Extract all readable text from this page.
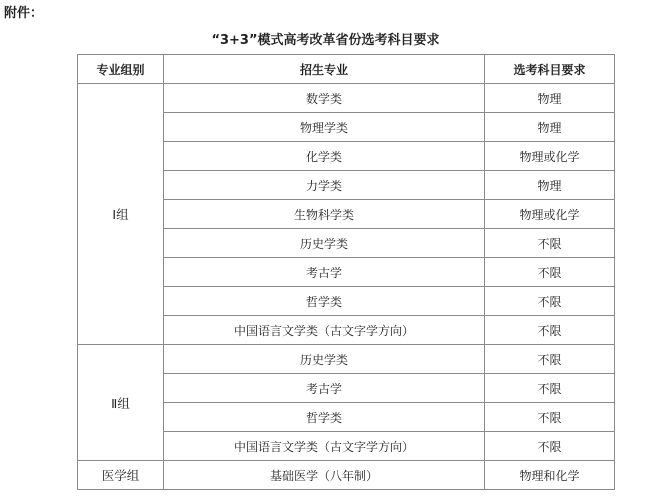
附件：
“3+3”模式高考改革省份选考科目要求
专业组别	招生专业	选考科目要求
Ⅰ组	数学类	物理
	物理学类	物理
	化学类	物理或化学
	力学类	物理
	生物科学类	物理或化学
	历史学类	不限
	考古学	不限
	哲学类	不限
	中国语言文学类（古文字学方向）	不限
Ⅱ组	历史学类	不限
	考古学	不限
	哲学类	不限
	中国语言文学类（古文字学方向）	不限
医学组	基础医学（八年制）	物理和化学
